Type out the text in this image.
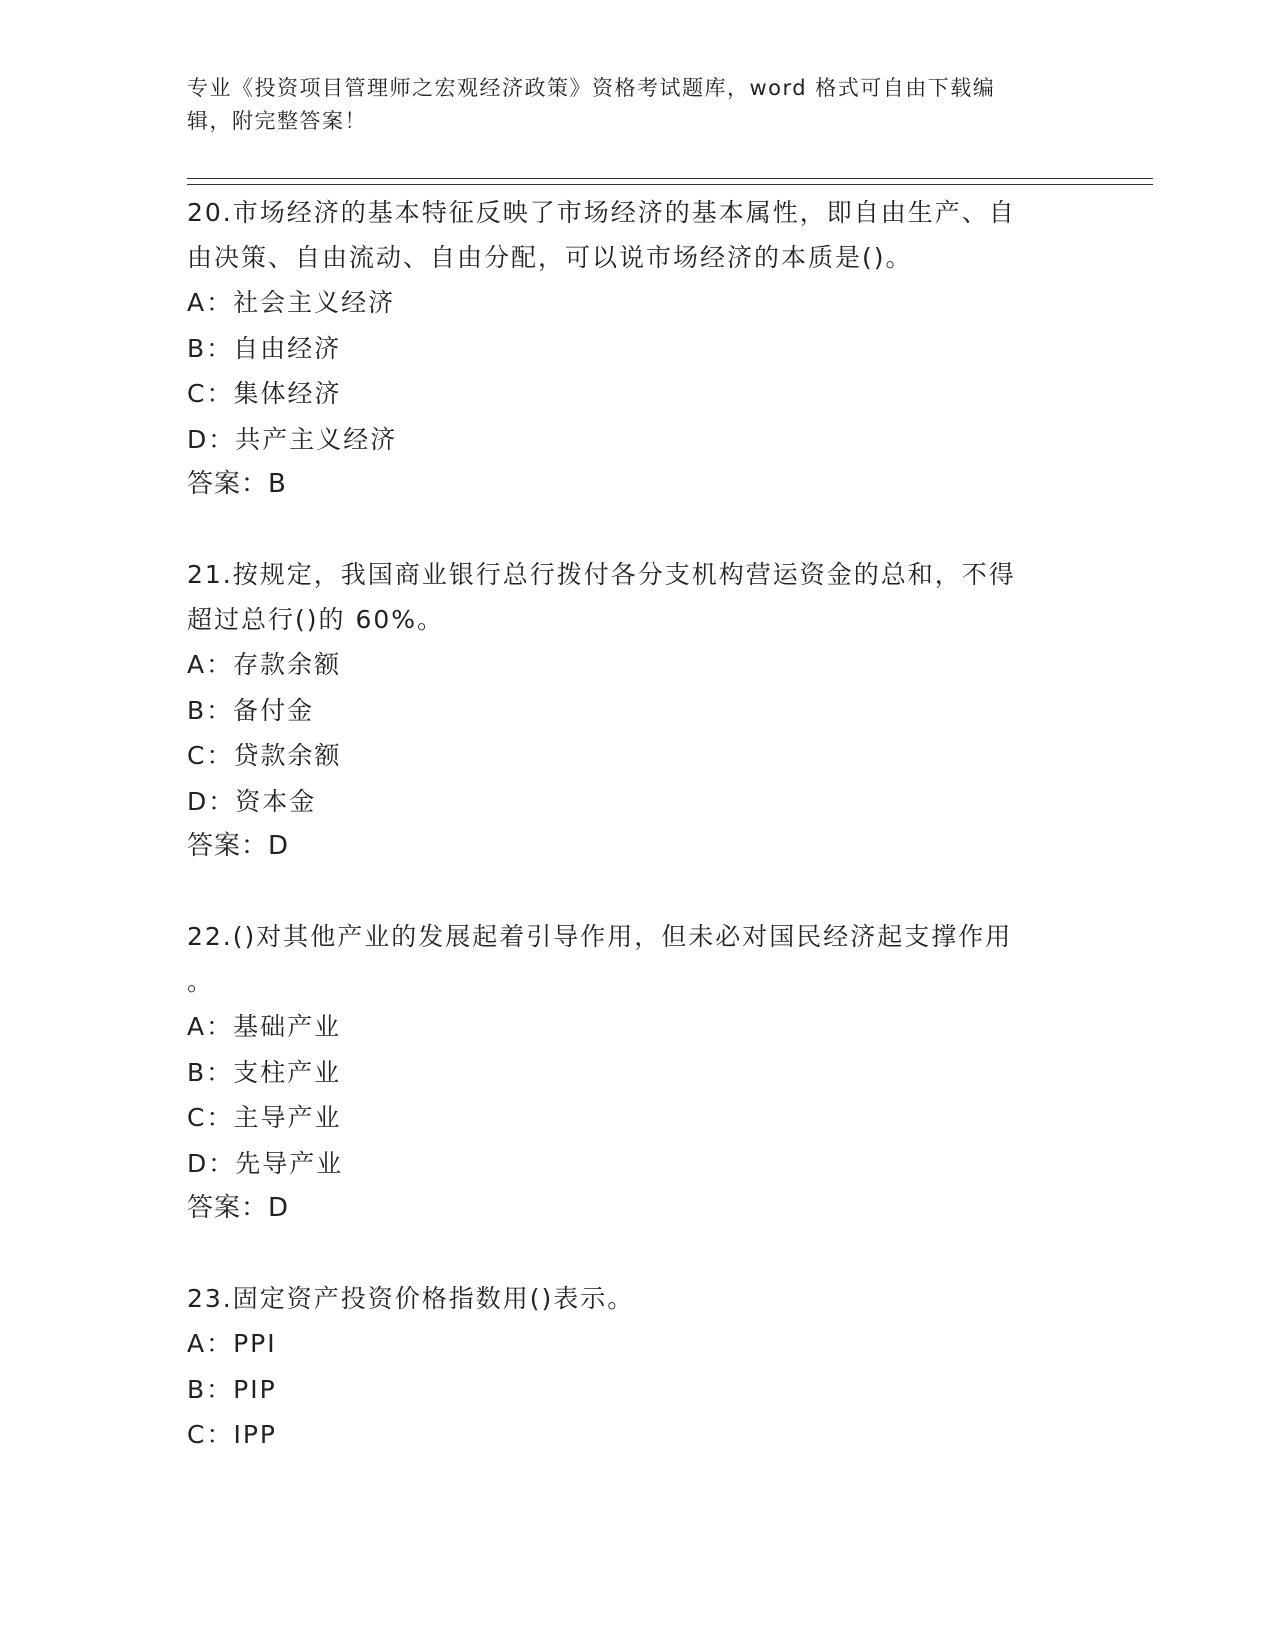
专业《投资项目管理师之宏观经济政策》资格考试题库，word 格式可自由下载编
辑，附完整答案！
20.市场经济的基本特征反映了市场经济的基本属性，即自由生产、自
由决策、自由流动、自由分配，可以说市场经济的本质是()。
A：社会主义经济
B：自由经济
C：集体经济
D：共产主义经济
答案：B
21.按规定，我国商业银行总行拨付各分支机构营运资金的总和，不得
超过总行()的 60%。
A：存款余额
B：备付金
C：贷款余额
D：资本金
答案：D
22.()对其他产业的发展起着引导作用，但未必对国民经济起支撑作用
。
A：基础产业
B：支柱产业
C：主导产业
D：先导产业
答案：D
23.固定资产投资价格指数用()表示。
A：PPI
B：PIP
C：IPP
